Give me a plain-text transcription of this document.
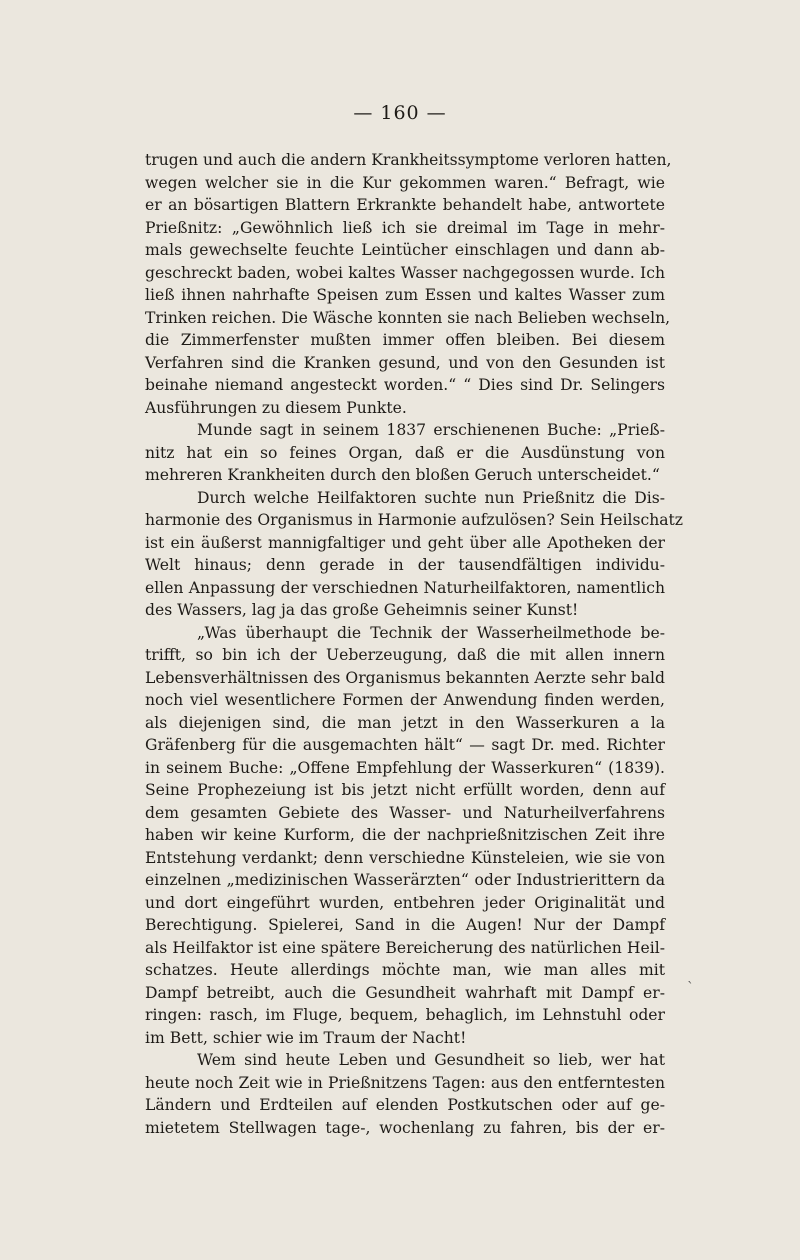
— 160 —
trugen und auch die andern Krankheitssymptome verloren hatten,
wegen welcher sie in die Kur gekommen waren.“ Befragt, wie
er an bösartigen Blattern Erkrankte behandelt habe, antwortete
Prießnitz: „Gewöhnlich ließ ich sie dreimal im Tage in mehr-
mals gewechselte feuchte Leintücher einschlagen und dann ab-
geschreckt baden, wobei kaltes Wasser nachgegossen wurde. Ich
ließ ihnen nahrhafte Speisen zum Essen und kaltes Wasser zum
Trinken reichen. Die Wäsche konnten sie nach Belieben wechseln,
die Zimmerfenster mußten immer offen bleiben. Bei diesem
Verfahren sind die Kranken gesund, und von den Gesunden ist
beinahe niemand angesteckt worden.“ “ Dies sind Dr. Selingers
Ausführungen zu diesem Punkte.
Munde sagt in seinem 1837 erschienenen Buche: „Prieß-
nitz hat ein so feines Organ, daß er die Ausdünstung von
mehreren Krankheiten durch den bloßen Geruch unterscheidet.“
Durch welche Heilfaktoren suchte nun Prießnitz die Dis-
harmonie des Organismus in Harmonie aufzulösen? Sein Heilschatz
ist ein äußerst mannigfaltiger und geht über alle Apotheken der
Welt hinaus; denn gerade in der tausendfältigen individu-
ellen Anpassung der verschiednen Naturheilfaktoren, namentlich
des Wassers, lag ja das große Geheimnis seiner Kunst!
„Was überhaupt die Technik der Wasserheilmethode be-
trifft, so bin ich der Ueberzeugung, daß die mit allen innern
Lebensverhältnissen des Organismus bekannten Aerzte sehr bald
noch viel wesentlichere Formen der Anwendung finden werden,
als diejenigen sind, die man jetzt in den Wasserkuren a la
Gräfenberg für die ausgemachten hält“ — sagt Dr. med. Richter
in seinem Buche: „Offene Empfehlung der Wasserkuren“ (1839).
Seine Prophezeiung ist bis jetzt nicht erfüllt worden, denn auf
dem gesamten Gebiete des Wasser- und Naturheilverfahrens
haben wir keine Kurform, die der nachprießnitzischen Zeit ihre
Entstehung verdankt; denn verschiedne Künsteleien, wie sie von
einzelnen „medizinischen Wasserärzten“ oder Industrierittern da
und dort eingeführt wurden, entbehren jeder Originalität und
Berechtigung. Spielerei, Sand in die Augen! Nur der Dampf
als Heilfaktor ist eine spätere Bereicherung des natürlichen Heil-
schatzes. Heute allerdings möchte man, wie man alles mit
Dampf betreibt, auch die Gesundheit wahrhaft mit Dampf er-
ringen: rasch, im Fluge, bequem, behaglich, im Lehnstuhl oder
im Bett, schier wie im Traum der Nacht!
Wem sind heute Leben und Gesundheit so lieb, wer hat
heute noch Zeit wie in Prießnitzens Tagen: aus den entferntesten
Ländern und Erdteilen auf elenden Postkutschen oder auf ge-
mietetem Stellwagen tage-, wochenlang zu fahren, bis der er-
`
